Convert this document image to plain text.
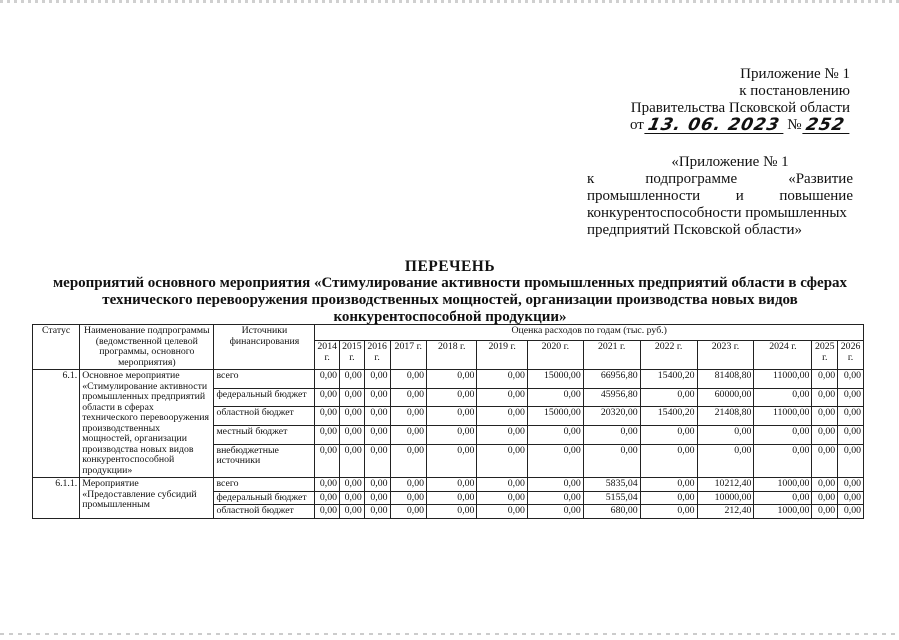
Приложение № 1
к постановлению
Правительства Псковской области
от 13. 06. 2023 № 252
«Приложение № 1
к	подпрограмме	«Развитие
промышленности и повышение
конкурентоспособности промышленных
предприятий Псковской области»
ПЕРЕЧЕНЬ
мероприятий основного мероприятия «Стимулирование активности промышленных предприятий области в сферах
технического перевооружения производственных мощностей, организации производства новых видов
конкурентоспособной продукции»
Статус	Наименование подпрограммы (ведомственной целевой программы, основного мероприятия)	Источники финансирования	Оценка расходов по годам (тыс. руб.)												
			2014 г.	2015 г.	2016 г.	2017 г.	2018 г.	2019 г.	2020 г.	2021 г.	2022 г.	2023 г.	2024 г.	2025 г.	2026 г.
6.1.	Основное мероприятие «Стимулирование активности промышленных предприятий области в сферах технического перевооружения производственных мощностей, организации производства новых видов конкурентоспособной продукции»	всего	0,00	0,00	0,00	0,00	0,00	0,00	15000,00	66956,80	15400,20	81408,80	11000,00	0,00	0,00
		федеральный бюджет	0,00	0,00	0,00	0,00	0,00	0,00	0,00	45956,80	0,00	60000,00	0,00	0,00	0,00
		областной бюджет	0,00	0,00	0,00	0,00	0,00	0,00	15000,00	20320,00	15400,20	21408,80	11000,00	0,00	0,00
		местный бюджет	0,00	0,00	0,00	0,00	0,00	0,00	0,00	0,00	0,00	0,00	0,00	0,00	0,00
		внебюджетные источники	0,00	0,00	0,00	0,00	0,00	0,00	0,00	0,00	0,00	0,00	0,00	0,00	0,00
6.1.1.	Мероприятие «Предоставление субсидий промышленным	всего	0,00	0,00	0,00	0,00	0,00	0,00	0,00	5835,04	0,00	10212,40	1000,00	0,00	0,00
		федеральный бюджет	0,00	0,00	0,00	0,00	0,00	0,00	0,00	5155,04	0,00	10000,00	0,00	0,00	0,00
		областной бюджет	0,00	0,00	0,00	0,00	0,00	0,00	0,00	680,00	0,00	212,40	1000,00	0,00	0,00
